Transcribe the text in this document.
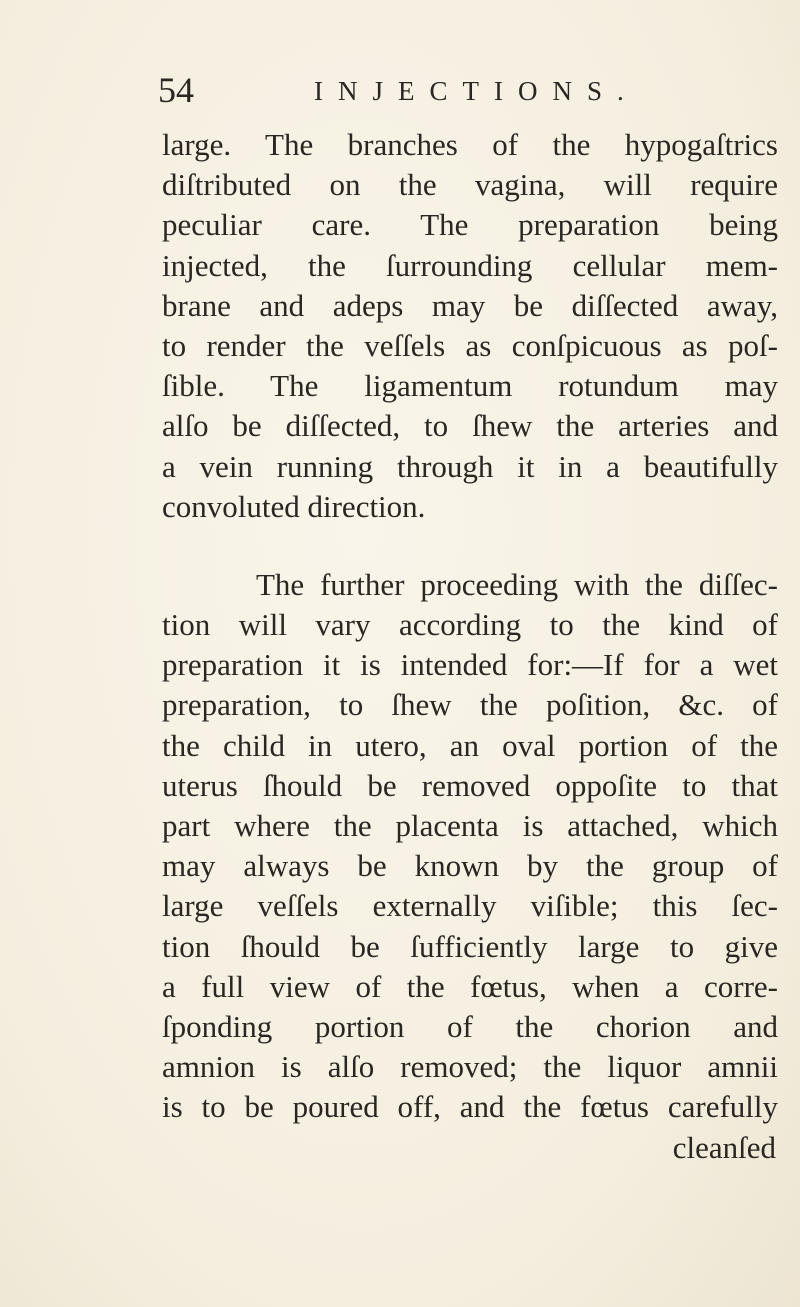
54	INJECTIONS.
large. The branches of the hypogaſtrics
diſtributed on the vagina, will require
peculiar care. The preparation being
injected, the ſurrounding cellular mem-
brane and adeps may be diſſected away,
to render the veſſels as conſpicuous as poſ-
ſible. The ligamentum rotundum may
alſo be diſſected, to ſhew the arteries and
a vein running through it in a beautifully
convoluted direction.
The further proceeding with the diſſec-
tion will vary according to the kind of
preparation it is intended for:—If for a wet
preparation, to ſhew the poſition, &c. of
the child in utero, an oval portion of the
uterus ſhould be removed oppoſite to that
part where the placenta is attached, which
may always be known by the group of
large veſſels externally viſible; this ſec-
tion ſhould be ſufficiently large to give
a full view of the fœtus, when a corre-
ſponding portion of the chorion and
amnion is alſo removed; the liquor amnii
is to be poured off, and the fœtus carefully
cleanſed
